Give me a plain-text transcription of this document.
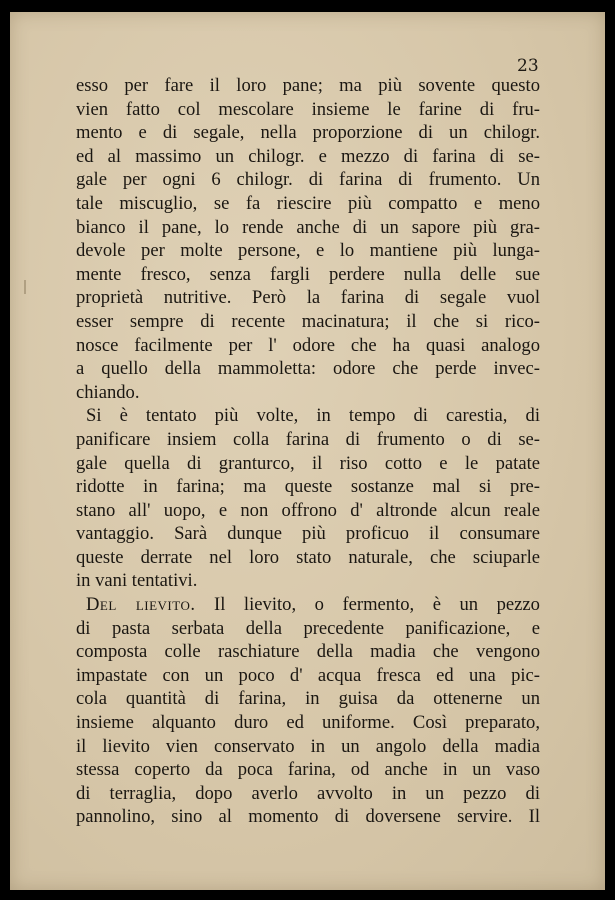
23

esso per fare il loro pane; ma più sovente questo
vien fatto col mescolare insieme le farine di fru-
mento e di segale, nella proporzione di un chilogr.
ed al massimo un chilogr. e mezzo di farina di se-
gale per ogni 6 chilogr. di farina di frumento. Un
tale miscuglio, se fa riescire più compatto e meno
bianco il pane, lo rende anche di un sapore più gra-
devole per molte persone, e lo mantiene più lunga-
mente fresco, senza fargli perdere nulla delle sue
proprietà nutritive. Però la farina di segale vuol
esser sempre di recente macinatura; il che si rico-
nosce facilmente per l' odore che ha quasi analogo
a quello della mammoletta: odore che perde invec-
chiando.
Si è tentato più volte, in tempo di carestia, di
panificare insiem colla farina di frumento o di se-
gale quella di granturco, il riso cotto e le patate
ridotte in farina; ma queste sostanze mal si pre-
stano all' uopo, e non offrono d' altronde alcun reale
vantaggio. Sarà dunque più proficuo il consumare
queste derrate nel loro stato naturale, che sciuparle
in vani tentativi.
Del lievito. Il lievito, o fermento, è un pezzo
di pasta serbata della precedente panificazione, e
composta colle raschiature della madia che vengono
impastate con un poco d' acqua fresca ed una pic-
cola quantità di farina, in guisa da ottenerne un
insieme alquanto duro ed uniforme. Così preparato,
il lievito vien conservato in un angolo della madia
stessa coperto da poca farina, od anche in un vaso
di terraglia, dopo averlo avvolto in un pezzo di
pannolino, sino al momento di doversene servire. Il
